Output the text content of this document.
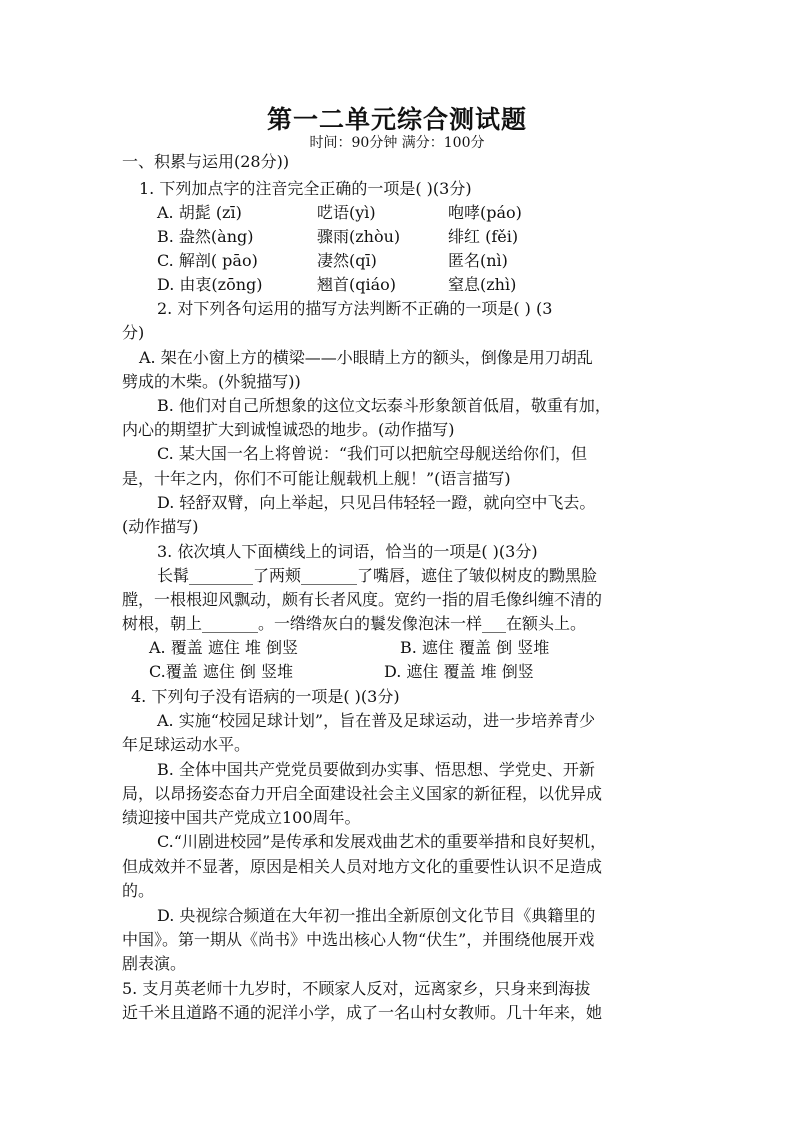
第一二单元综合测试题
时间：90分钟 满分：100分
一、积累与运用(28分))
1. 下列加点字的注音完全正确的一项是( )(3分)
A. 胡髭 (zī)	呓语(yì)	咆哮(páo)
B. 盎然(àng)	骤雨(zhòu)	绯红 (fěi)
C. 解剖( pāo)	凄然(qī)	匿名(nì)
D. 由衷(zōng)	翘首(qiáo)	窒息(zhì)
2. 对下列各句运用的描写方法判断不正确的一项是( ) (3
分)
A. 架在小窗上方的横梁——小眼睛上方的额头，倒像是用刀胡乱
劈成的木柴。(外貌描写))
B. 他们对自己所想象的这位文坛泰斗形象颔首低眉，敬重有加，
内心的期望扩大到诚惶诚恐的地步。(动作描写)
C. 某大国一名上将曾说：“我们可以把航空母舰送给你们，但
是，十年之内，你们不可能让舰载机上舰！”(语言描写)
D. 轻舒双臂，向上举起，只见吕伟轻轻一蹬，就向空中飞去。
(动作描写)
3. 依次填人下面横线上的词语，恰当的一项是( )(3分)
长髯________了两颊_______了嘴唇，遮住了皱似树皮的黝黑脸
膛，一根根迎风飘动，颇有长者风度。宽约一指的眉毛像纠缠不清的
树根，朝上_______。一绺绺灰白的鬟发像泡沫一样___在额头上。
A. 覆盖 遮住 堆 倒竖	B. 遮住 覆盖 倒 竖堆
C.覆盖 遮住 倒 竖堆	D. 遮住 覆盖 堆 倒竖
4. 下列句子没有语病的一项是( )(3分)
A. 实施“校园足球计划”，旨在普及足球运动，进一步培养青少
年足球运动水平。
B. 全体中国共产党党员要做到办实事、悟思想、学党史、开新
局，以昂扬姿态奋力开启全面建设社会主义国家的新征程，以优异成
绩迎接中国共产党成立100周年。
C.“川剧进校园”是传承和发展戏曲艺术的重要举措和良好契机，
但成效并不显著，原因是相关人员对地方文化的重要性认识不足造成
的。
D. 央视综合频道在大年初一推出全新原创文化节目《典籍里的
中国》。第一期从《尚书》中选出核心人物“伏生”，并围绕他展开戏
剧表演。
5. 支月英老师十九岁时，不顾家人反对，远离家乡，只身来到海拔
近千米且道路不通的泥洋小学，成了一名山村女教师。几十年来，她
